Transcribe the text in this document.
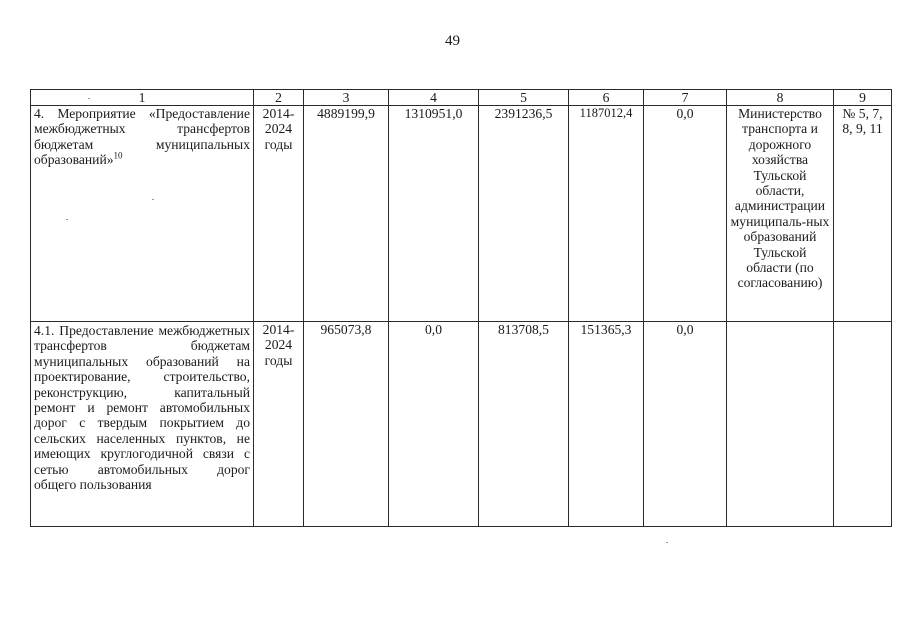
49
1	2	3	4	5	6	7	8	9
4. Мероприятие «Предоставление межбюджетных трансфертов бюджетам муниципальных образований»$^{10}$	2014-2024 годы	4889199,9	1310951,0	2391236,5	1187012,4	0,0	Министерство транспорта и дорожного хозяйства Тульской области, администрации муниципаль-ных образований Тульской области (по согласованию)	№ 5, 7, 8, 9, 11
4.1. Предоставление межбюджетных трансфертов бюджетам муниципальных образований на проектирование, строительство, реконструкцию, капитальный ремонт и ремонт автомобильных дорог с твердым покрытием до сельских населенных пунктов, не имеющих круглогодичной связи с сетью автомобильных дорог
общего пользования	2014-2024 годы	965073,8	0,0	813708,5	151365,3	0,0		
